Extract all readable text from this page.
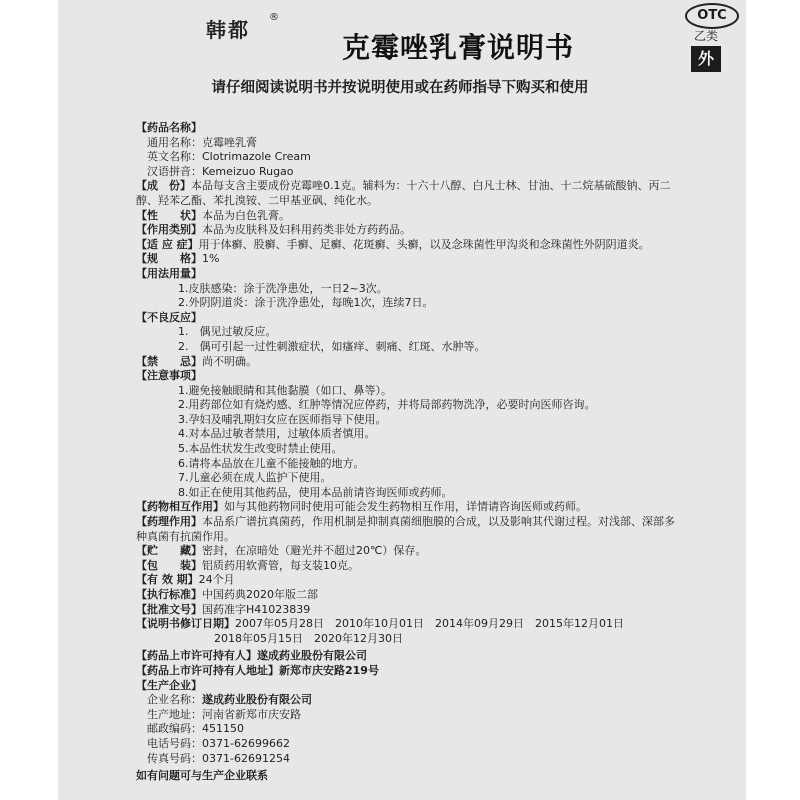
韩都
®
克霉唑乳膏说明书
OTC
乙类
外
请仔细阅读说明书并按说明使用或在药师指导下购买和使用
【药品名称】
通用名称：克霉唑乳膏
英文名称：Clotrimazole Cream
汉语拼音：Kemeizuo Rugao
【成　份】本品每支含主要成份克霉唑0.1克。辅料为：十六十八醇、白凡士林、甘油、十二烷基硫酸钠、丙二醇、羟苯乙酯、苯扎溴铵、二甲基亚砜、纯化水。
【性　　状】本品为白色乳膏。
【作用类别】本品为皮肤科及妇科用药类非处方药药品。
【适 应 症】用于体癣、股癣、手癣、足癣、花斑癣、头癣，以及念珠菌性甲沟炎和念珠菌性外阴阴道炎。
【规　　格】1%
【用法用量】
1.皮肤感染：涂于洗净患处，一日2~3次。
2.外阴阴道炎：涂于洗净患处，每晚1次，连续7日。
【不良反应】
1.　偶见过敏反应。
2.　偶可引起一过性刺激症状，如瘙痒、刺痛、红斑、水肿等。
【禁　　忌】尚不明确。
【注意事项】
1.避免接触眼睛和其他黏膜（如口、鼻等）。
2.用药部位如有烧灼感、红肿等情况应停药，并将局部药物洗净，必要时向医师咨询。
3.孕妇及哺乳期妇女应在医师指导下使用。
4.对本品过敏者禁用，过敏体质者慎用。
5.本品性状发生改变时禁止使用。
6.请将本品放在儿童不能接触的地方。
7.儿童必须在成人监护下使用。
8.如正在使用其他药品，使用本品前请咨询医师或药师。
【药物相互作用】如与其他药物同时使用可能会发生药物相互作用，详情请咨询医师或药师。
【药理作用】本品系广谱抗真菌药，作用机制是抑制真菌细胞膜的合成，以及影响其代谢过程。对浅部、深部多种真菌有抗菌作用。
【贮　　藏】密封，在凉暗处（避光并不超过20℃）保存。
【包　　装】铝质药用软膏管，每支装10克。
【有 效 期】24个月
【执行标准】中国药典2020年版二部
【批准文号】国药准字H41023839
【说明书修订日期】2007年05月28日　2010年10月01日　2014年09月29日　2015年12月01日
2018年05月15日　2020年12月30日
【药品上市许可持有人】遂成药业股份有限公司
【药品上市许可持有人地址】新郑市庆安路219号
【生产企业】
企业名称：遂成药业股份有限公司
生产地址：河南省新郑市庆安路
邮政编码：451150
电话号码：0371-62699662
传真号码：0371-62691254
如有问题可与生产企业联系
